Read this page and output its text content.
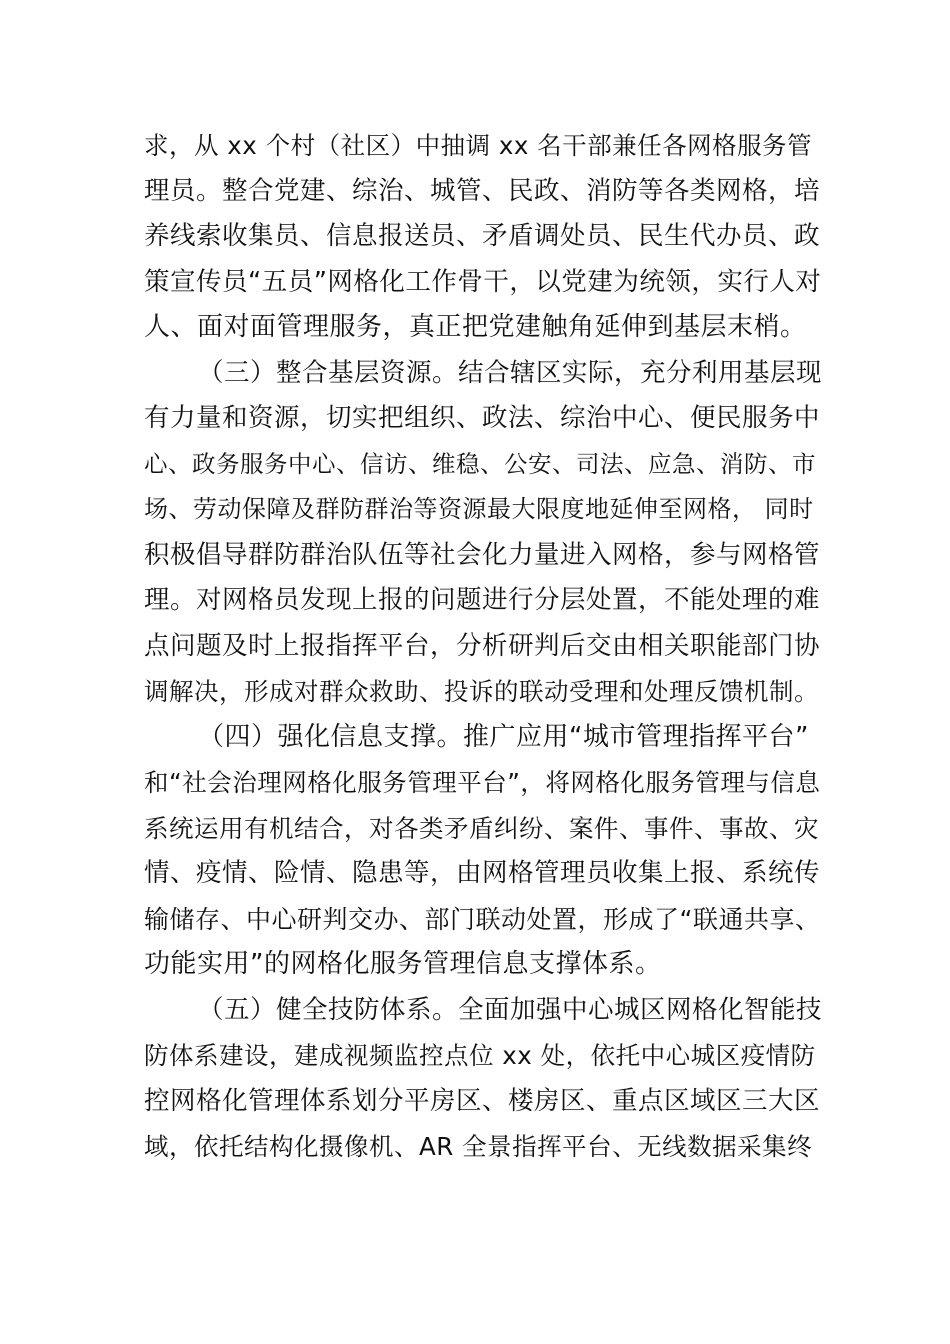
求，从 xx 个村（社区）中抽调 xx 名干部兼任各网格服务管
理员。整合党建、综治、城管、民政、消防等各类网格，培
养线索收集员、信息报送员、矛盾调处员、民生代办员、政
策宣传员“五员”网格化工作骨干，以党建为统领，实行人对
人、面对面管理服务，真正把党建触角延伸到基层末梢。
（三）整合基层资源。结合辖区实际，充分利用基层现
有力量和资源，切实把组织、政法、综治中心、便民服务中
心、政务服务中心、信访、维稳、公安、司法、应急、消防、市
场、劳动保障及群防群治等资源最大限度地延伸至网格， 同时
积极倡导群防群治队伍等社会化力量进入网格，参与网格管
理。对网格员发现上报的问题进行分层处置，不能处理的难
点问题及时上报指挥平台，分析研判后交由相关职能部门协
调解决，形成对群众救助、投诉的联动受理和处理反馈机制。
（四）强化信息支撑。推广应用“城市管理指挥平台”
和“社会治理网格化服务管理平台”，将网格化服务管理与信息
系统运用有机结合，对各类矛盾纠纷、案件、事件、事故、灾
情、疫情、险情、隐患等，由网格管理员收集上报、系统传
输储存、中心研判交办、部门联动处置，形成了“联通共享、
功能实用”的网格化服务管理信息支撑体系。
（五）健全技防体系。全面加强中心城区网格化智能技
防体系建设，建成视频监控点位 xx 处，依托中心城区疫情防
控网格化管理体系划分平房区、楼房区、重点区域区三大区
域，依托结构化摄像机、AR 全景指挥平台、无线数据采集终
